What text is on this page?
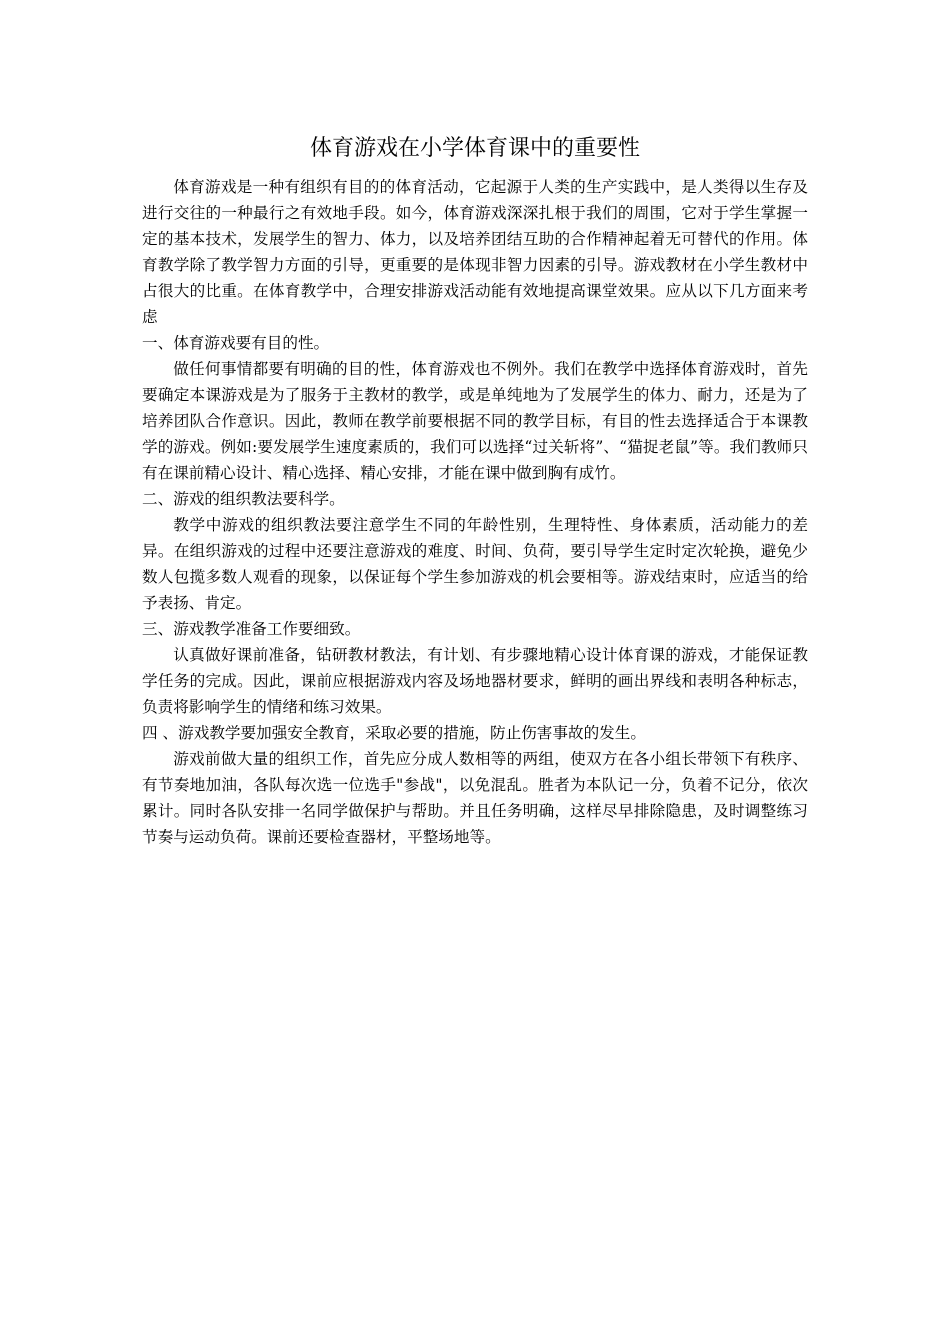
体育游戏在小学体育课中的重要性

体育游戏是一种有组织有目的的体育活动，它起源于人类的生产实践中，是人类得以生存及进行交往的一种最行之有效地手段。如今，体育游戏深深扎根于我们的周围，它对于学生掌握一定的基本技术，发展学生的智力、体力，以及培养团结互助的合作精神起着无可替代的作用。体育教学除了教学智力方面的引导，更重要的是体现非智力因素的引导。游戏教材在小学生教材中占很大的比重。在体育教学中，合理安排游戏活动能有效地提高课堂效果。应从以下几方面来考虑

一、体育游戏要有目的性。

做任何事情都要有明确的目的性，体育游戏也不例外。我们在教学中选择体育游戏时，首先要确定本课游戏是为了服务于主教材的教学，或是单纯地为了发展学生的体力、耐力，还是为了培养团队合作意识。因此，教师在教学前要根据不同的教学目标，有目的性去选择适合于本课教学的游戏。例如:要发展学生速度素质的，我们可以选择“过关斩将”、“猫捉老鼠”等。我们教师只有在课前精心设计、精心选择、精心安排，才能在课中做到胸有成竹。

二、游戏的组织教法要科学。

教学中游戏的组织教法要注意学生不同的年龄性别，生理特性、身体素质，活动能力的差异。在组织游戏的过程中还要注意游戏的难度、时间、负荷，要引导学生定时定次轮换，避免少数人包揽多数人观看的现象，以保证每个学生参加游戏的机会要相等。游戏结束时，应适当的给予表扬、肯定。

三、游戏教学准备工作要细致。

认真做好课前准备，钻研教材教法，有计划、有步骤地精心设计体育课的游戏，才能保证教学任务的完成。因此，课前应根据游戏内容及场地器材要求，鲜明的画出界线和表明各种标志，负责将影响学生的情绪和练习效果。

四 、游戏教学要加强安全教育，采取必要的措施，防止伤害事故的发生。

游戏前做大量的组织工作，首先应分成人数相等的两组，使双方在各小组长带领下有秩序、有节奏地加油，各队每次选一位选手"参战"，以免混乱。胜者为本队记一分，负着不记分，依次累计。同时各队安排一名同学做保护与帮助。并且任务明确，这样尽早排除隐患，及时调整练习节奏与运动负荷。课前还要检查器材，平整场地等。
